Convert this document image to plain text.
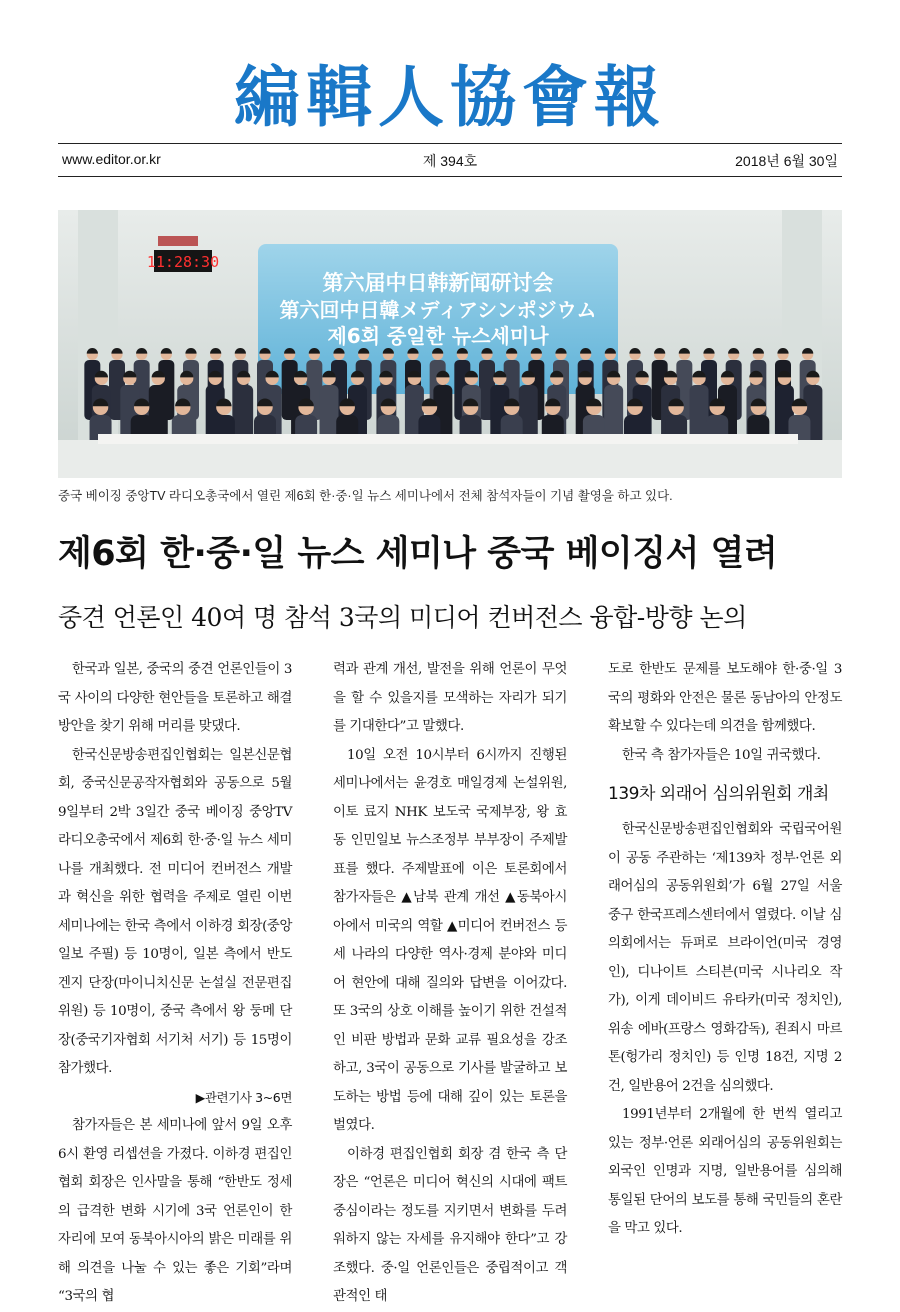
編輯人協會報
www.editor.or.kr	제 394호	2018년 6월 30일
11:28:30
第六届中日韩新闻研讨会
第六回中日韓メディアシンポジウム
제6회 중일한 뉴스세미나
중국 베이징 중앙TV 라디오총국에서 열린 제6회 한·중·일 뉴스 세미나에서 전체 참석자들이 기념 촬영을 하고 있다.
제6회 한·중·일 뉴스 세미나 중국 베이징서 열려
중견 언론인 40여 명 참석 3국의 미디어 컨버전스 융합-방향 논의

한국과 일본, 중국의 중견 언론인들이 3국 사이의 다양한 현안들을 토론하고 해결 방안을 찾기 위해 머리를 맞댔다.

한국신문방송편집인협회는 일본신문협회, 중국신문공작자협회와 공동으로 5월 9일부터 2박 3일간 중국 베이징 중앙TV 라디오총국에서 제6회 한·중·일 뉴스 세미나를 개최했다. 전 미디어 컨버전스 개발과 혁신을 위한 협력을 주제로 열린 이번 세미나에는 한국 측에서 이하경 회장(중앙일보 주필) 등 10명이, 일본 측에서 반도 겐지 단장(마이니치신문 논설실 전문편집위원) 등 10명이, 중국 측에서 왕 둥메 단장(중국기자협회 서기처 서기) 등 15명이 참가했다.

▶관련기사 3~6면

참가자들은 본 세미나에 앞서 9일 오후 6시 환영 리셉션을 가졌다. 이하경 편집인협회 회장은 인사말을 통해 “한반도 정세의 급격한 변화 시기에 3국 언론인이 한 자리에 모여 동북아시아의 밝은 미래를 위해 의견을 나눌 수 있는 좋은 기회”라며 “3국의 협

력과 관계 개선, 발전을 위해 언론이 무엇을 할 수 있을지를 모색하는 자리가 되기를 기대한다”고 말했다.

10일 오전 10시부터 6시까지 진행된 세미나에서는 윤경호 매일경제 논설위원, 이토 료지 NHK 보도국 국제부장, 왕 효동 인민일보 뉴스조정부 부부장이 주제발표를 했다. 주제발표에 이은 토론회에서 참가자들은 ▲남북 관계 개선 ▲동북아시아에서 미국의 역할 ▲미디어 컨버전스 등 세 나라의 다양한 역사·경제 분야와 미디어 현안에 대해 질의와 답변을 이어갔다. 또 3국의 상호 이해를 높이기 위한 건설적인 비판 방법과 문화 교류 필요성을 강조하고, 3국이 공동으로 기사를 발굴하고 보도하는 방법 등에 대해 깊이 있는 토론을 벌였다.

이하경 편집인협회 회장 겸 한국 측 단장은 “언론은 미디어 혁신의 시대에 팩트 중심이라는 정도를 지키면서 변화를 두려워하지 않는 자세를 유지해야 한다”고 강조했다. 중·일 언론인들은 중립적이고 객관적인 태

도로 한반도 문제를 보도해야 한·중·일 3국의 평화와 안전은 물론 동남아의 안정도 확보할 수 있다는데 의견을 함께했다.

한국 측 참가자들은 10일 귀국했다.

139차 외래어 심의위원회 개최

한국신문방송편집인협회와 국립국어원이 공동 주관하는 ‘제139차 정부·언론 외래어심의 공동위원회’가 6월 27일 서울 중구 한국프레스센터에서 열렸다. 이날 심의회에서는 듀퍼로 브라이언(미국 경영인), 디나이트 스티븐(미국 시나리오 작가), 이게 데이비드 유타카(미국 정치인), 위송 에바(프랑스 영화감독), 죈죄시 마르톤(헝가리 정치인) 등 인명 18건, 지명 2건, 일반용어 2건을 심의했다.

1991년부터 2개월에 한 번씩 열리고 있는 정부·언론 외래어심의 공동위원회는 외국인 인명과 지명, 일반용어를 심의해 통일된 단어의 보도를 통해 국민들의 혼란을 막고 있다.
